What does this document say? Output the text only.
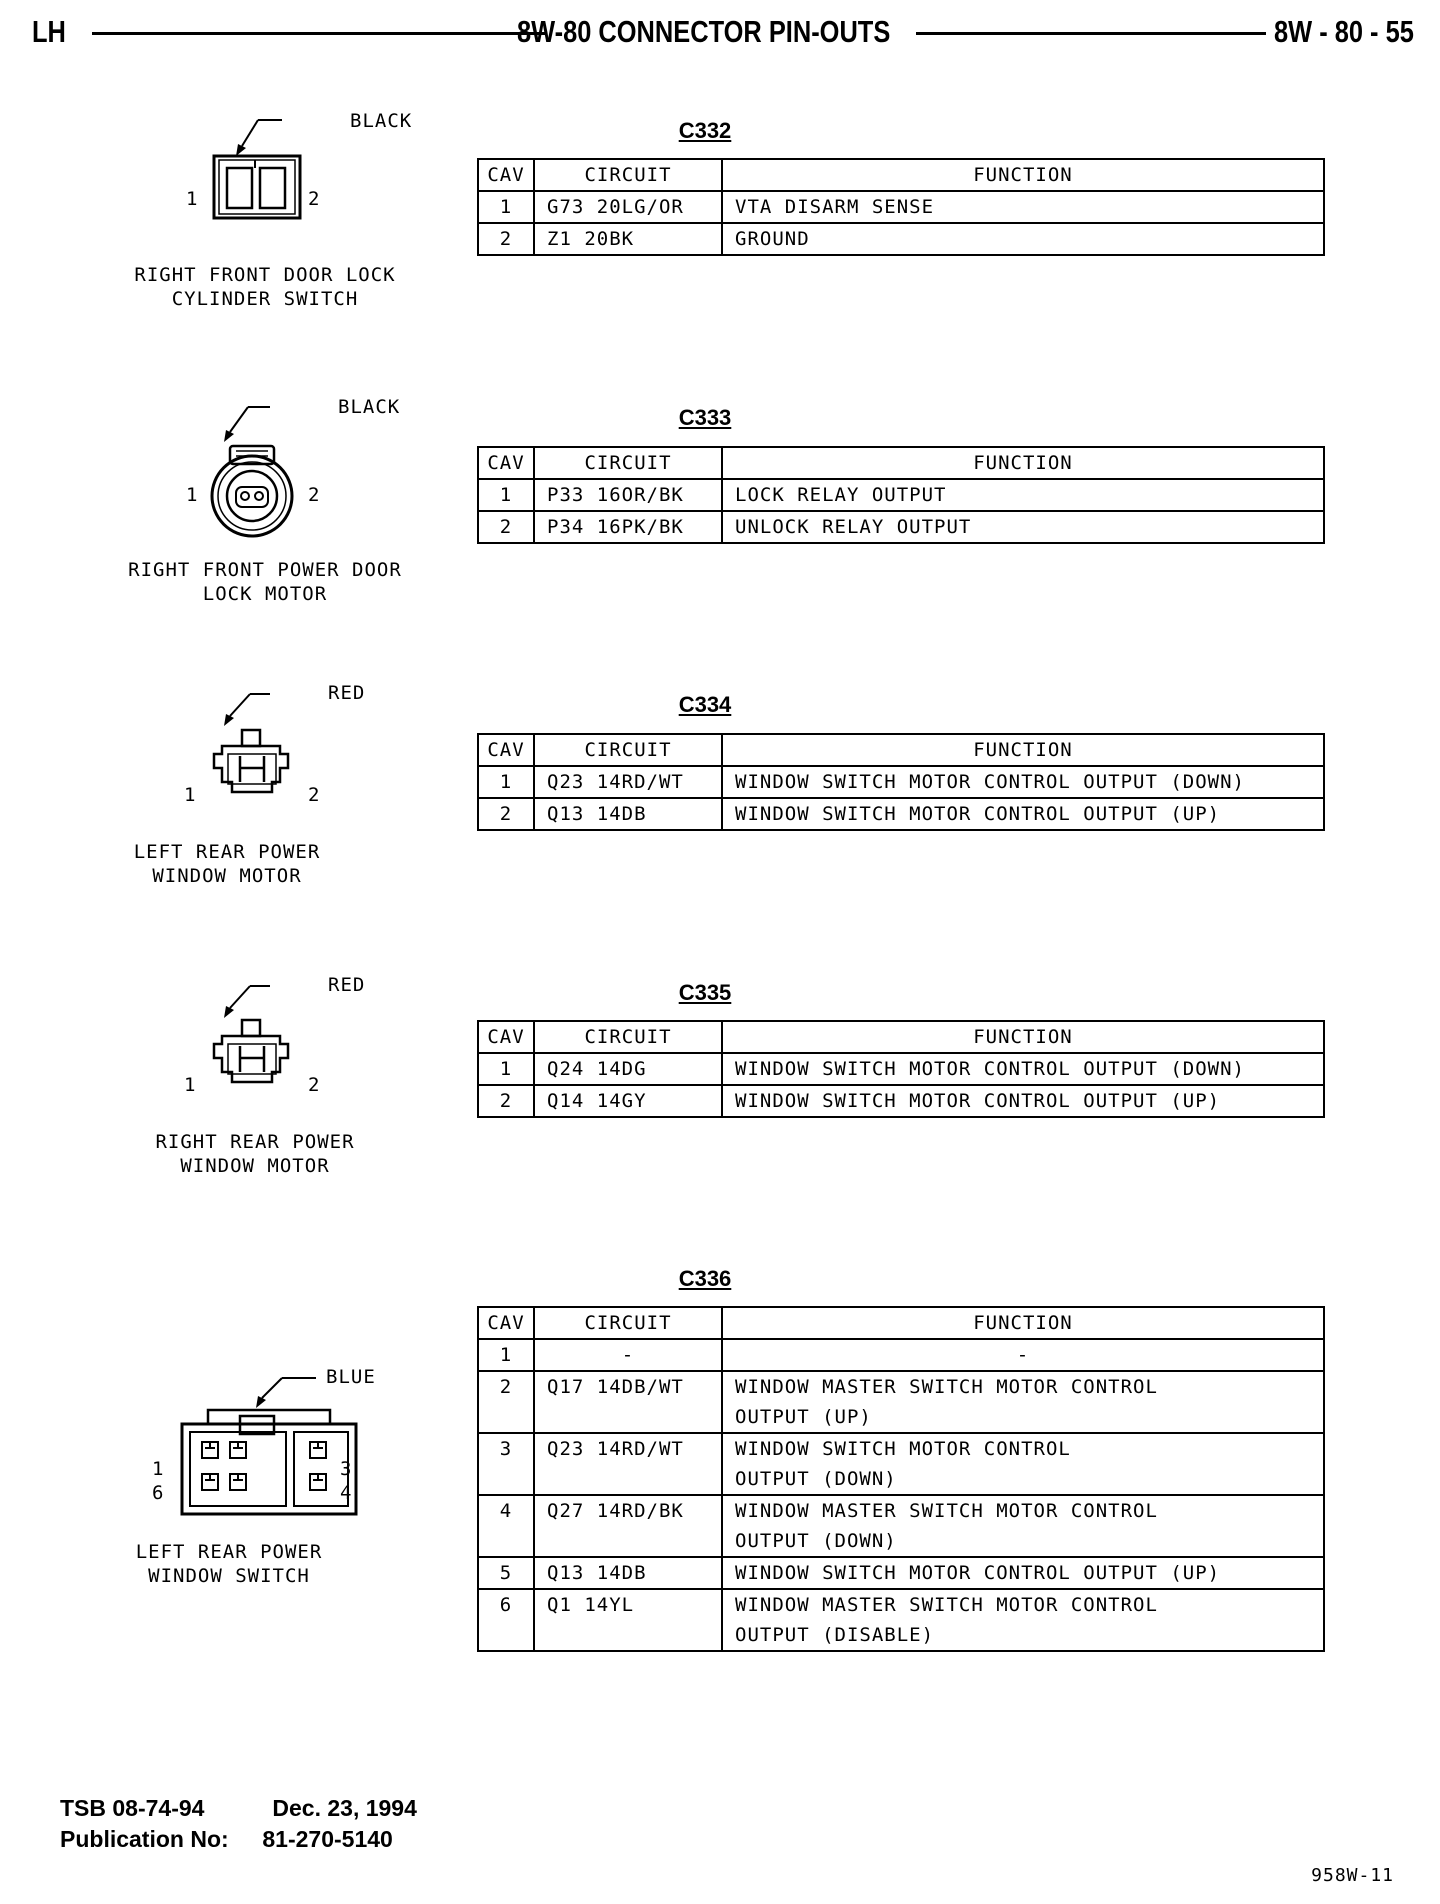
LH	8W-80 CONNECTOR PIN-OUTS	8W - 80 - 55
BLACK
1	2
RIGHT FRONT DOOR LOCK
CYLINDER SWITCH
C332
CAV	CIRCUIT	FUNCTION
1	G73 20LG/OR	VTA DISARM SENSE
2	Z1 20BK	GROUND
BLACK
1	2
RIGHT FRONT POWER DOOR
LOCK MOTOR
C333
CAV	CIRCUIT	FUNCTION
1	P33 16OR/BK	LOCK RELAY OUTPUT
2	P34 16PK/BK	UNLOCK RELAY OUTPUT
RED
1	2
LEFT REAR POWER
WINDOW MOTOR
C334
CAV	CIRCUIT	FUNCTION
1	Q23 14RD/WT	WINDOW SWITCH MOTOR CONTROL OUTPUT (DOWN)
2	Q13 14DB	WINDOW SWITCH MOTOR CONTROL OUTPUT (UP)
RED
1	2
RIGHT REAR POWER
WINDOW MOTOR
C335
CAV	CIRCUIT	FUNCTION
1	Q24 14DG	WINDOW SWITCH MOTOR CONTROL OUTPUT (DOWN)
2	Q14 14GY	WINDOW SWITCH MOTOR CONTROL OUTPUT (UP)
BLUE
1
6
3
4
LEFT REAR POWER
WINDOW SWITCH
C336
CAV	CIRCUIT	FUNCTION
1	-	-
2	Q17 14DB/WT	WINDOW MASTER SWITCH MOTOR CONTROL
OUTPUT (UP)

3	Q23 14RD/WT	WINDOW SWITCH MOTOR CONTROL
OUTPUT (DOWN)

4	Q27 14RD/BK	WINDOW MASTER SWITCH MOTOR CONTROL
OUTPUT (DOWN)

5	Q13 14DB	WINDOW SWITCH MOTOR CONTROL OUTPUT (UP)
6	Q1 14YL	WINDOW MASTER SWITCH MOTOR CONTROL
OUTPUT (DISABLE)
TSB 08-74-94	Dec. 23, 1994
Publication No: 81-270-5140
958W-11
